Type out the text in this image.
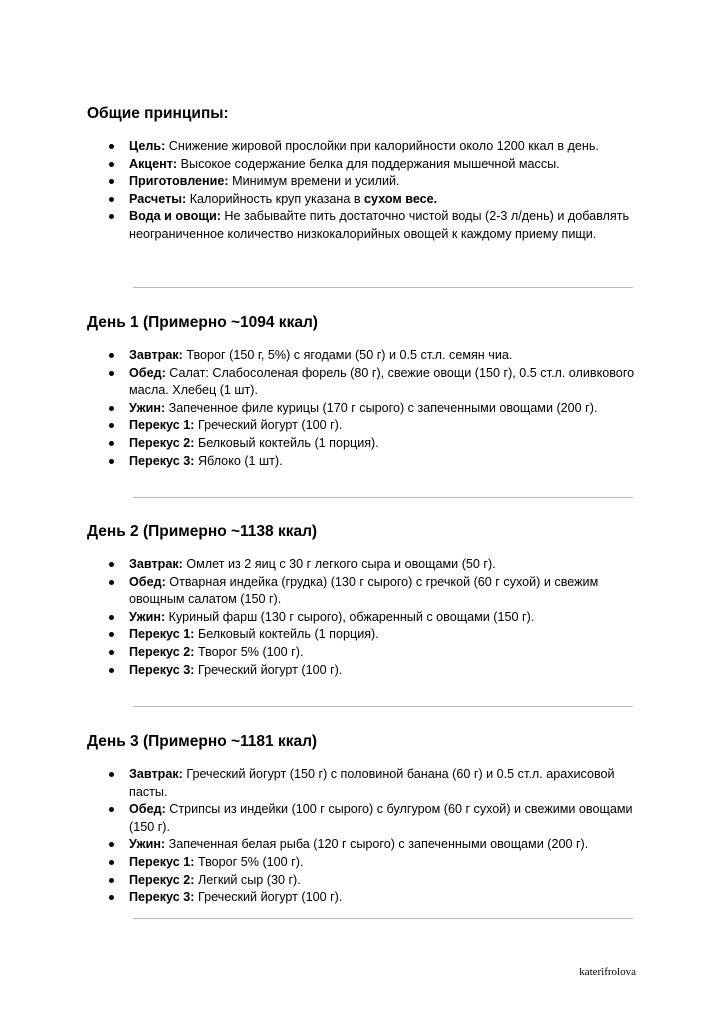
Общие принципы:
Цель: Снижение жировой прослойки при калорийности около 1200 ккал в день.
Акцент: Высокое содержание белка для поддержания мышечной массы.
Приготовление: Минимум времени и усилий.
Расчеты: Калорийность круп указана в сухом весе.
Вода и овощи: Не забывайте пить достаточно чистой воды (2-3 л/день) и добавлять неограниченное количество низкокалорийных овощей к каждому приему пищи.
День 1 (Примерно ~1094 ккал)
Завтрак: Творог (150 г, 5%) с ягодами (50 г) и 0.5 ст.л. семян чиа.
Обед: Салат: Слабосоленая форель (80 г), свежие овощи (150 г), 0.5 ст.л. оливкового масла. Хлебец (1 шт).
Ужин: Запеченное филе курицы (170 г сырого) с запеченными овощами (200 г).
Перекус 1: Греческий йогурт (100 г).
Перекус 2: Белковый коктейль (1 порция).
Перекус 3: Яблоко (1 шт).
День 2 (Примерно ~1138 ккал)
Завтрак: Омлет из 2 яиц с 30 г легкого сыра и овощами (50 г).
Обед: Отварная индейка (грудка) (130 г сырого) с гречкой (60 г сухой) и свежим овощным салатом (150 г).
Ужин: Куриный фарш (130 г сырого), обжаренный с овощами (150 г).
Перекус 1: Белковый коктейль (1 порция).
Перекус 2: Творог 5% (100 г).
Перекус 3: Греческий йогурт (100 г).
День 3 (Примерно ~1181 ккал)
Завтрак: Греческий йогурт (150 г) с половиной банана (60 г) и 0.5 ст.л. арахисовой пасты.
Обед: Стрипсы из индейки (100 г сырого) с булгуром (60 г сухой) и свежими овощами (150 г).
Ужин: Запеченная белая рыба (120 г сырого) с запеченными овощами (200 г).
Перекус 1: Творог 5% (100 г).
Перекус 2: Легкий сыр (30 г).
Перекус 3: Греческий йогурт (100 г).
katerifrolova
